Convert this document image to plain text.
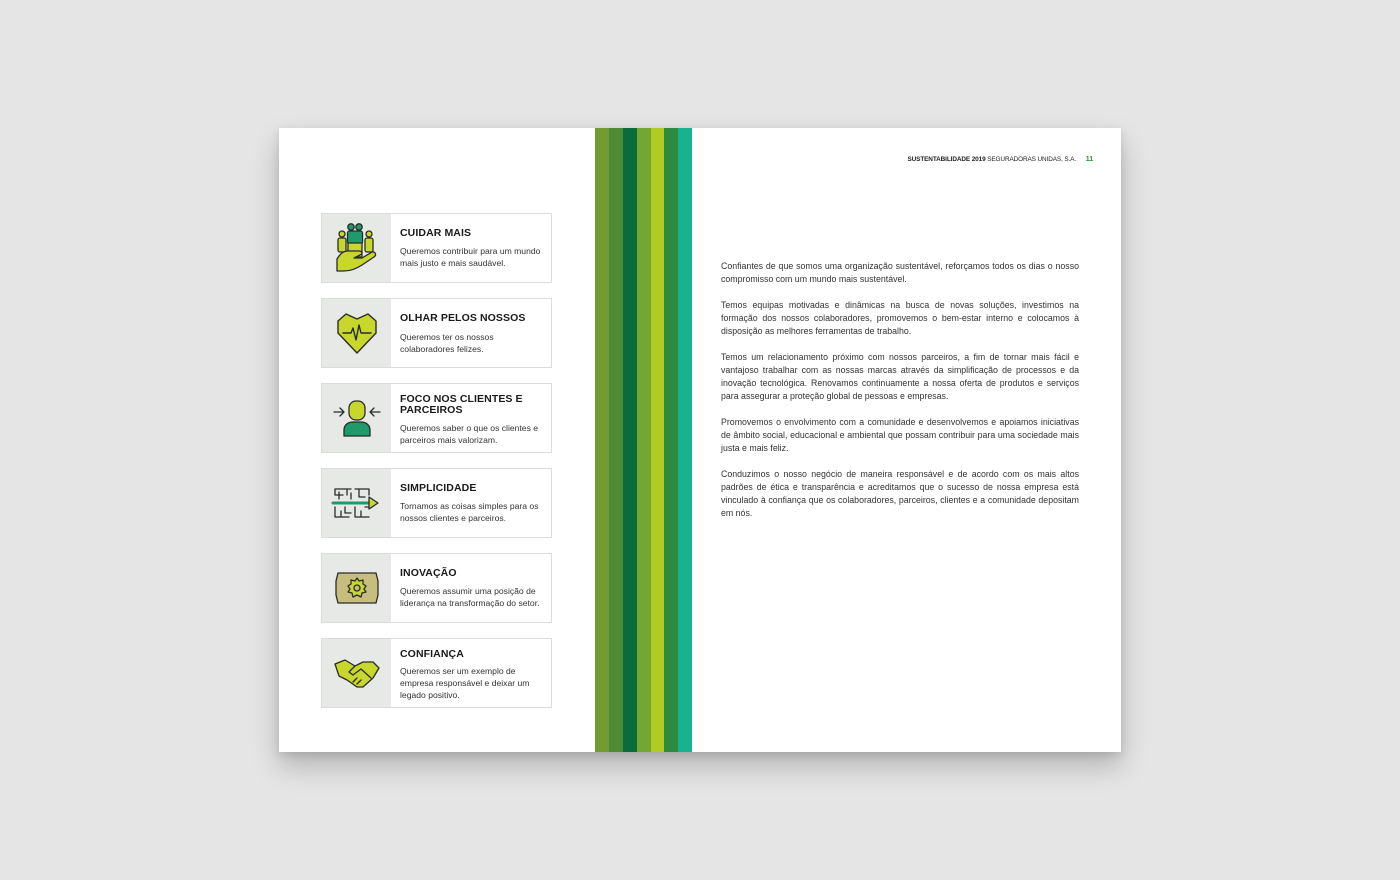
CUIDAR MAIS
Queremos contribuir para um mundo mais justo e mais saudável.
OLHAR PELOS NOSSOS
Queremos ter os nossos colaboradores felizes.
FOCO NOS CLIENTES E PARCEIROS
Queremos saber o que os clientes e parceiros mais valorizam.
SIMPLICIDADE
Tornamos as coisas simples para os nossos clientes e parceiros.
INOVAÇÃO
Queremos assumir uma posição de liderança na transformação do setor.
CONFIANÇA
Queremos ser um exemplo de empresa responsável e deixar um legado positivo.
SUSTENTABILIDADE 2019 SEGURADORAS UNIDAS, S.A. 11

Confiantes de que somos uma organização sustentável, reforçamos todos os dias o nosso compromisso com um mundo mais sustentável.

Temos equipas motivadas e dinâmicas na busca de novas soluções, investimos na formação dos nossos colaboradores, promovemos o bem-estar interno e colocamos à disposição as melhores ferramentas de trabalho.

Temos um relacionamento próximo com nossos parceiros, a fim de tornar mais fácil e vantajoso trabalhar com as nossas marcas através da simplificação de processos e da inovação tecnológica. Renovamos continuamente a nossa oferta de produtos e serviços para assegurar a proteção global de pessoas e empresas.

Promovemos o envolvimento com a comunidade e desenvolvemos e apoiamos iniciativas de âmbito social, educacional e ambiental que possam contribuir para uma sociedade mais justa e mais feliz.

Conduzimos o nosso negócio de maneira responsável e de acordo com os mais altos padrões de ética e transparência e acreditamos que o sucesso de nossa empresa está vinculado à confiança que os colaboradores, parceiros, clientes e a comunidade depositam em nós.
